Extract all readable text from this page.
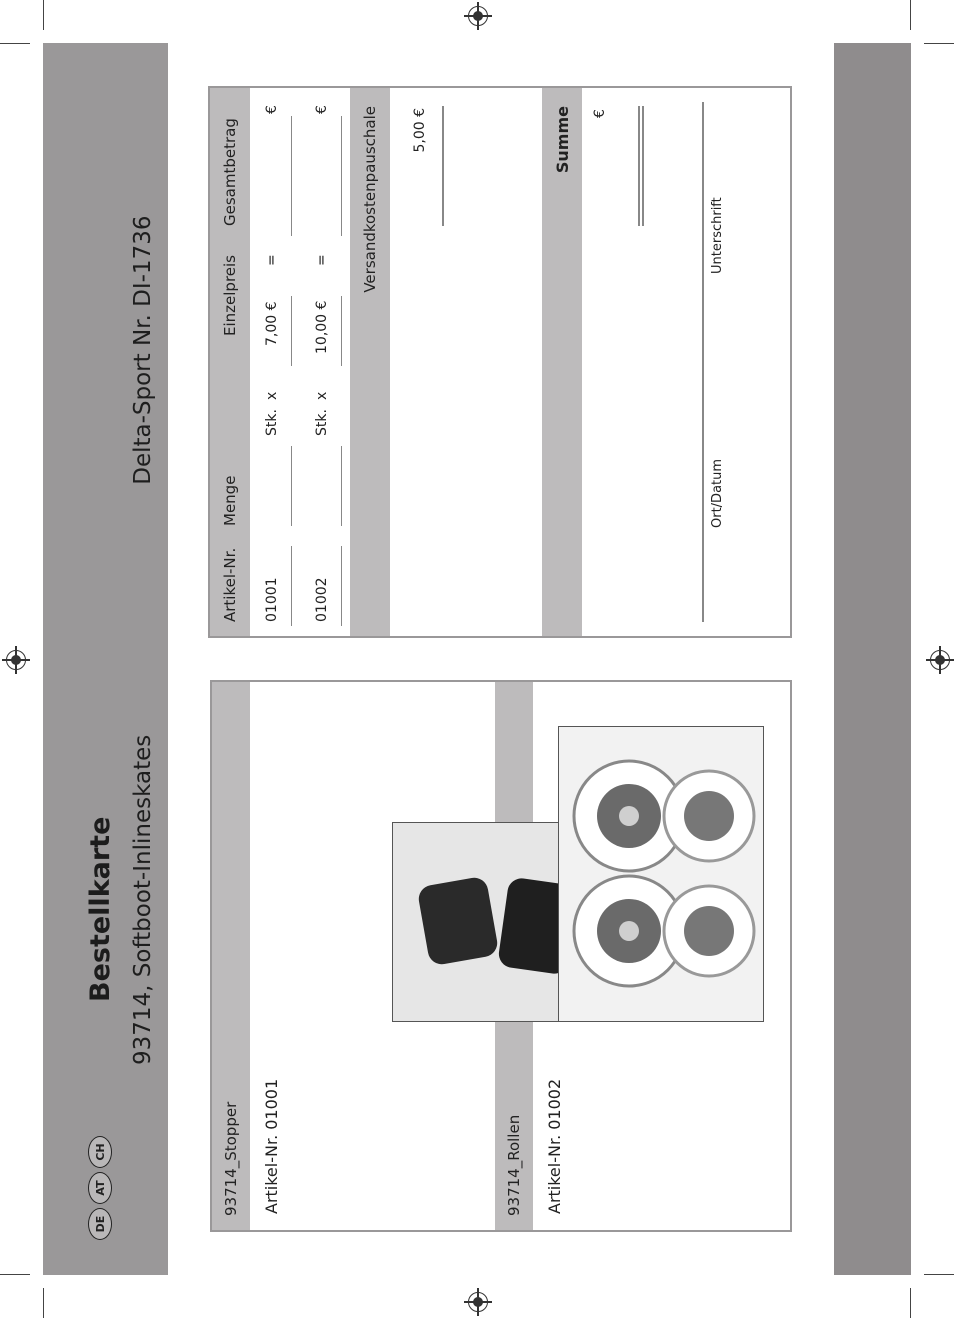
DE
AT
CH
Bestellkarte 93714, Softboot-Inlineskates
Delta-Sport Nr. DI-1736
93714_Stopper Artikel-Nr. 01001	93714_Rollen Artikel-Nr. 01002
Artikel-Nr.
Menge
Einzelpreis
Gesamtbetrag
01001
Stk.
x
7,00 €
=
€
01002
Stk.
x
10,00 €
=
€ Versandkostenpauschale 5,00 €	Summe €
Ort/Datum
Unterschrift
